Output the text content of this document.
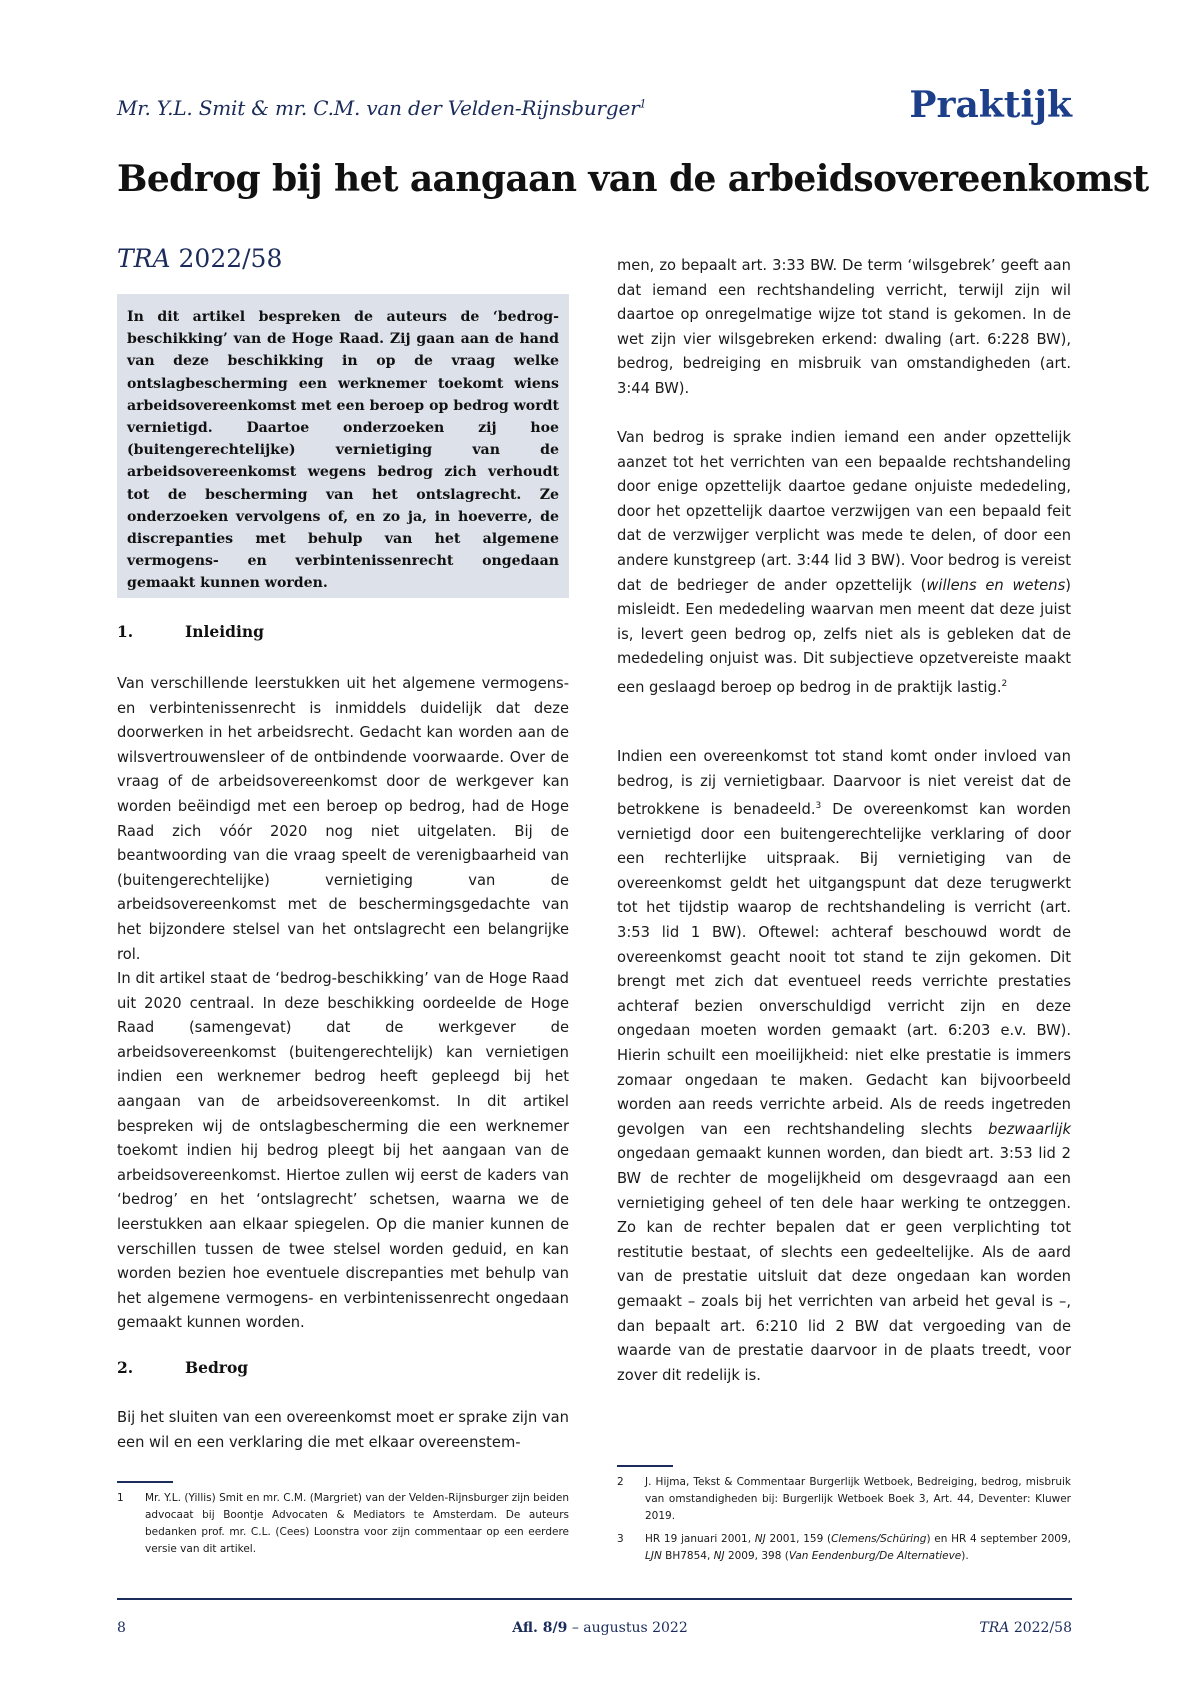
Mr. Y.L. Smit & mr. C.M. van der Velden-Rijnsburger$^1$	Praktijk
Bedrog bij het aangaan van de arbeidsovereenkomst
TRA 2022/58

In dit artikel bespreken de auteurs de ‘bedrog-beschikking’ van de Hoge Raad. Zij gaan aan de hand van deze beschikking in op de vraag welke ontslagbescherming een werknemer toekomt wiens arbeidsovereenkomst met een beroep op bedrog wordt vernietigd. Daartoe onderzoeken zij hoe (buitengerechtelijke) vernietiging van de arbeidsovereenkomst wegens bedrog zich verhoudt tot de bescherming van het ontslagrecht. Ze onderzoeken vervolgens of, en zo ja, in hoeverre, de discrepanties met behulp van het algemene vermogens- en verbintenissenrecht ongedaan gemaakt kunnen worden.

1.	Inleiding

Van verschillende leerstukken uit het algemene vermogens- en verbintenissenrecht is inmiddels duidelijk dat deze doorwerken in het arbeidsrecht. Gedacht kan worden aan de wilsvertrouwensleer of de ontbindende voorwaarde. Over de vraag of de arbeidsovereenkomst door de werkgever kan worden beëindigd met een beroep op bedrog, had de Hoge Raad zich vóór 2020 nog niet uitgelaten. Bij de beantwoording van die vraag speelt de verenigbaarheid van (buitengerechtelijke) vernietiging van de arbeidsovereenkomst met de beschermingsgedachte van het bijzondere stelsel van het ontslagrecht een belangrijke rol.

In dit artikel staat de ‘bedrog-beschikking’ van de Hoge Raad uit 2020 centraal. In deze beschikking oordeelde de Hoge Raad (samengevat) dat de werkgever de arbeidsovereenkomst (buitengerechtelijk) kan vernietigen indien een werknemer bedrog heeft gepleegd bij het aangaan van de arbeidsovereenkomst. In dit artikel bespreken wij de ontslagbescherming die een werknemer toekomt indien hij bedrog pleegt bij het aangaan van de arbeidsovereenkomst. Hiertoe zullen wij eerst de kaders van ‘bedrog’ en het ‘ontslagrecht’ schetsen, waarna we de leerstukken aan elkaar spiegelen. Op die manier kunnen de verschillen tussen de twee stelsel worden geduid, en kan worden bezien hoe eventuele discrepanties met behulp van het algemene vermogens- en verbintenissenrecht ongedaan gemaakt kunnen worden.

2.	Bedrog

Bij het sluiten van een overeenkomst moet er sprake zijn van een wil en een verklaring die met elkaar overeenstem-

men, zo bepaalt art. 3:33 BW. De term ‘wilsgebrek’ geeft aan dat iemand een rechtshandeling verricht, terwijl zijn wil daartoe op onregelmatige wijze tot stand is gekomen. In de wet zijn vier wilsgebreken erkend: dwaling (art. 6:228 BW), bedrog, bedreiging en misbruik van omstandigheden (art. 3:44 BW).

Van bedrog is sprake indien iemand een ander opzettelijk aanzet tot het verrichten van een bepaalde rechtshandeling door enige opzettelijk daartoe gedane onjuiste mededeling, door het opzettelijk daartoe verzwijgen van een bepaald feit dat de verzwijger verplicht was mede te delen, of door een andere kunstgreep (art. 3:44 lid 3 BW). Voor bedrog is vereist dat de bedrieger de ander opzettelijk (willens en wetens) misleidt. Een mededeling waarvan men meent dat deze juist is, levert geen bedrog op, zelfs niet als is gebleken dat de mededeling onjuist was. Dit subjectieve opzetvereiste maakt een geslaagd beroep op bedrog in de praktijk lastig.$^2$

Indien een overeenkomst tot stand komt onder invloed van bedrog, is zij vernietigbaar. Daarvoor is niet vereist dat de betrokkene is benadeeld.$^3$ De overeenkomst kan worden vernietigd door een buitengerechtelijke verklaring of door een rechterlijke uitspraak. Bij vernietiging van de overeenkomst geldt het uitgangspunt dat deze terugwerkt tot het tijdstip waarop de rechtshandeling is verricht (art. 3:53 lid 1 BW). Oftewel: achteraf beschouwd wordt de overeenkomst geacht nooit tot stand te zijn gekomen. Dit brengt met zich dat eventueel reeds verrichte prestaties achteraf bezien onverschuldigd verricht zijn en deze ongedaan moeten worden gemaakt (art. 6:203 e.v. BW). Hierin schuilt een moeilijkheid: niet elke prestatie is immers zomaar ongedaan te maken. Gedacht kan bijvoorbeeld worden aan reeds verrichte arbeid. Als de reeds ingetreden gevolgen van een rechtshandeling slechts bezwaarlijk ongedaan gemaakt kunnen worden, dan biedt art. 3:53 lid 2 BW de rechter de mogelijkheid om desgevraagd aan een vernietiging geheel of ten dele haar werking te ontzeggen. Zo kan de rechter bepalen dat er geen verplichting tot restitutie bestaat, of slechts een gedeeltelijke. Als de aard van de prestatie uitsluit dat deze ongedaan kan worden gemaakt – zoals bij het verrichten van arbeid het geval is –, dan bepaalt art. 6:210 lid 2 BW dat vergoeding van de waarde van de prestatie daarvoor in de plaats treedt, voor zover dit redelijk is.

1 Mr. Y.L. (Yillis) Smit en mr. C.M. (Margriet) van der Velden-Rijnsburger zijn beiden advocaat bij Boontje Advocaten & Mediators te Amsterdam. De auteurs bedanken prof. mr. C.L. (Cees) Loonstra voor zijn commentaar op een eerdere versie van dit artikel.
2 J. Hijma, Tekst & Commentaar Burgerlijk Wetboek, Bedreiging, bedrog, misbruik van omstandigheden bij: Burgerlijk Wetboek Boek 3, Art. 44, Deventer: Kluwer 2019.
3 HR 19 januari 2001, NJ 2001, 159 (Clemens/Schüring) en HR 4 september 2009, LJN BH7854, NJ 2009, 398 (Van Eendenburg/De Alternatieve).
8	Afl. 8/9 – augustus 2022	TRA 2022/58
